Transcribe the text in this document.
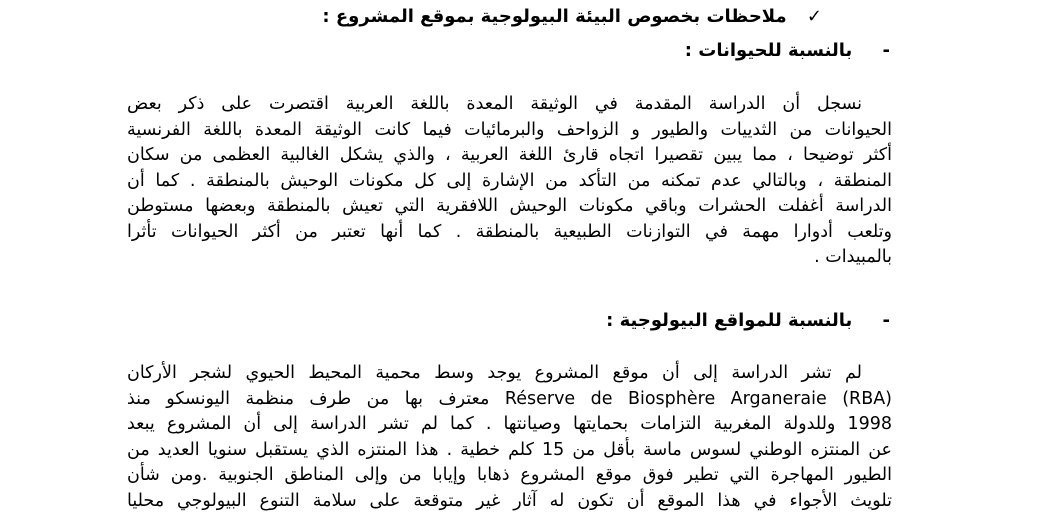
✓ ملاحظات بخصوص البيئة البيولوجية بموقع المشروع :
- بالنسبة للحيوانات :
نسجل أن الدراسة المقدمة في الوثيقة المعدة باللغة العربية اقتصرت على ذكر بعض
الحيوانات من الثدييات والطيور و الزواحف والبرمائيات فيما كانت الوثيقة المعدة باللغة الفرنسية
أكثر توضيحا ، مما يبين تقصيرا اتجاه قارئ اللغة العربية ، والذي يشكل الغالبية العظمى من سكان
المنطقة ، وبالتالي عدم تمكنه من التأكد من الإشارة إلى كل مكونات الوحيش بالمنطقة . كما أن
الدراسة أغفلت الحشرات وباقي مكونات الوحيش اللافقرية التي تعيش بالمنطقة وبعضها مستوطن
وتلعب أدوارا مهمة في التوازنات الطبيعية بالمنطقة . كما أنها تعتبر من أكثر الحيوانات تأثرا
بالمبيدات .
- بالنسبة للمواقع البيولوجية :
لم تشر الدراسة إلى أن موقع المشروع يوجد وسط محمية المحيط الحيوي لشجر الأركان
Réserve de Biosphère Arganeraie (RBA) معترف بها من طرف منظمة اليونسكو منذ
1998 وللدولة المغربية التزامات بحمايتها وصيانتها . كما لم تشر الدراسة إلى أن المشروع يبعد
عن المنتزه الوطني لسوس ماسة بأقل من 15 كلم خطية . هذا المنتزه الذي يستقبل سنويا العديد من
الطيور المهاجرة التي تطير فوق موقع المشروع ذهابا وإيابا من وإلى المناطق الجنوبية .ومن شأن
تلويث الأجواء في هذا الموقع أن تكون له آثار غير متوقعة على سلامة التنوع البيولوجي محليا
